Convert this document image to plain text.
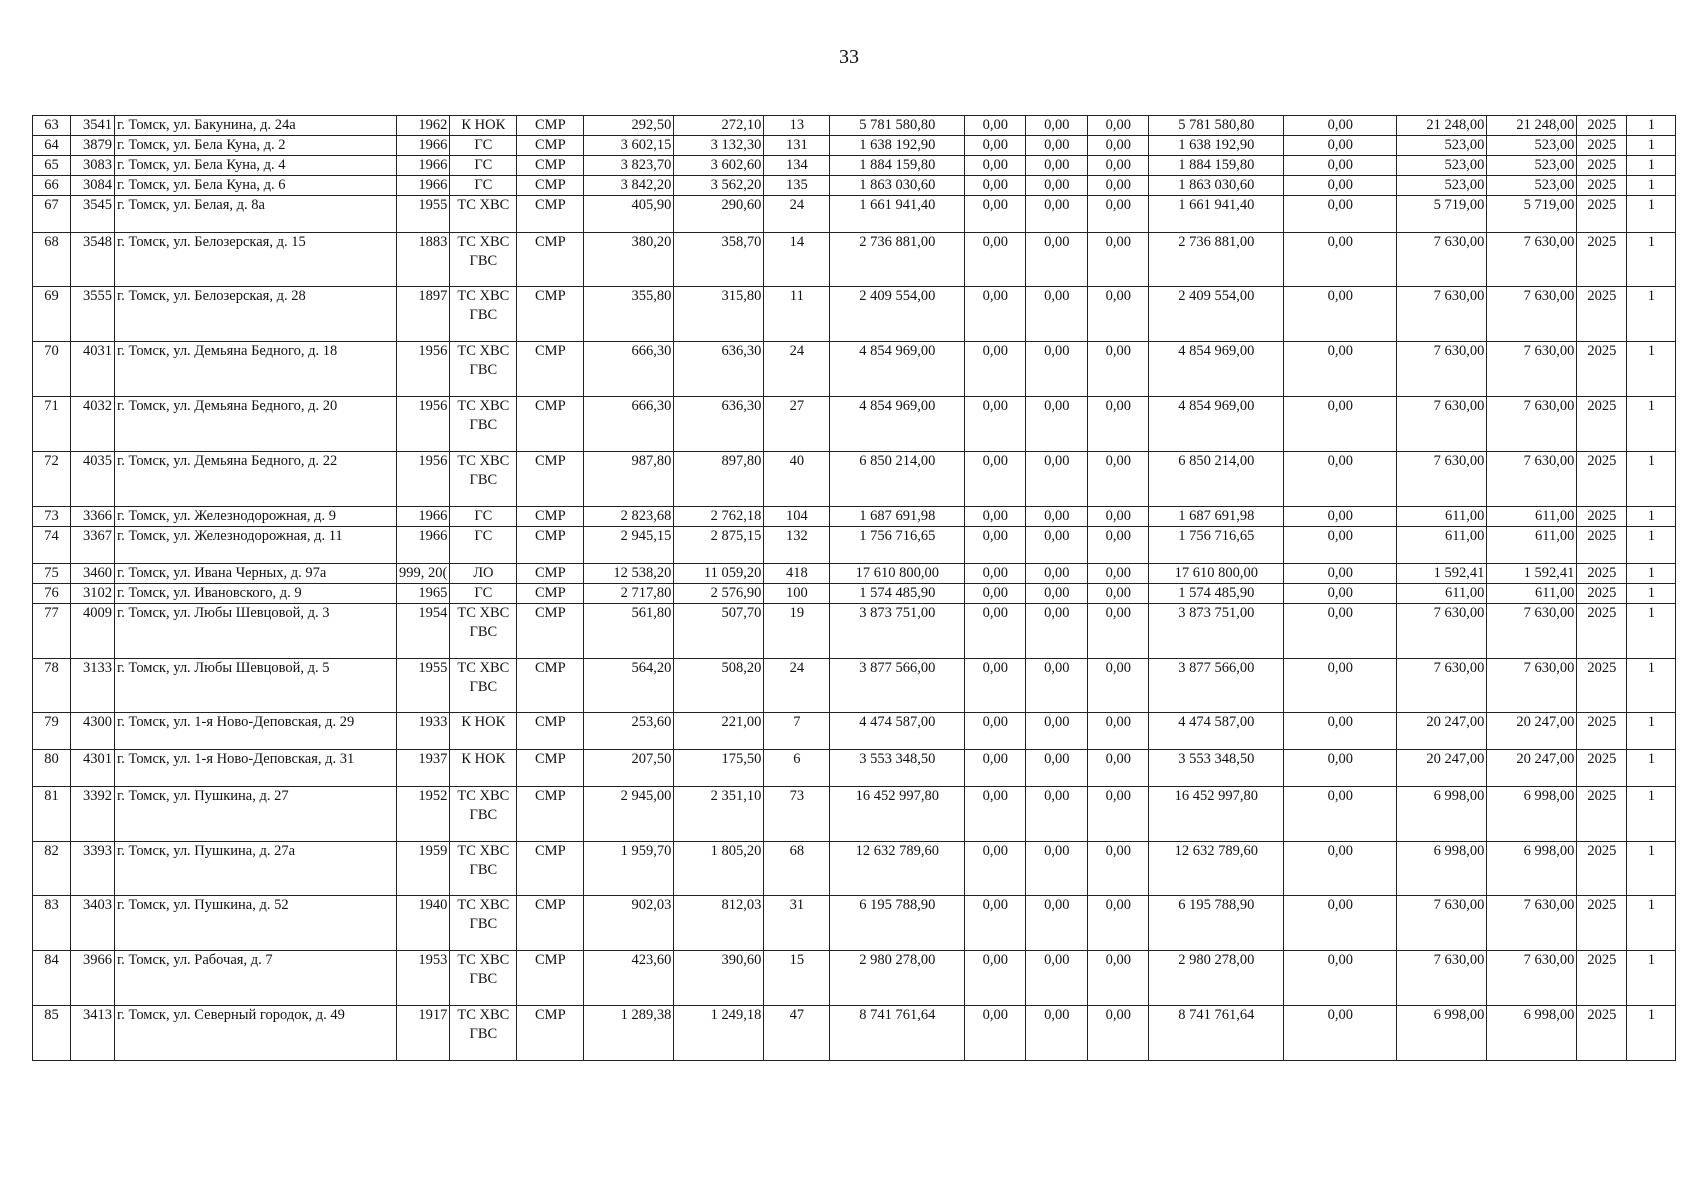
33
63	3541	г. Томск, ул. Бакунина, д. 24а	1962	К НОК	СМР	292,50	272,10	13	5 781 580,80	0,00	0,00	0,00	5 781 580,80	0,00	21 248,00	21 248,00	2025	1
64	3879	г. Томск, ул. Бела Куна, д. 2	1966	ГС	СМР	3 602,15	3 132,30	131	1 638 192,90	0,00	0,00	0,00	1 638 192,90	0,00	523,00	523,00	2025	1
65	3083	г. Томск, ул. Бела Куна, д. 4	1966	ГС	СМР	3 823,70	3 602,60	134	1 884 159,80	0,00	0,00	0,00	1 884 159,80	0,00	523,00	523,00	2025	1
66	3084	г. Томск, ул. Бела Куна, д. 6	1966	ГС	СМР	3 842,20	3 562,20	135	1 863 030,60	0,00	0,00	0,00	1 863 030,60	0,00	523,00	523,00	2025	1
67	3545	г. Томск, ул. Белая, д. 8а	1955	ТС ХВС	СМР	405,90	290,60	24	1 661 941,40	0,00	0,00	0,00	1 661 941,40	0,00	5 719,00	5 719,00	2025	1
68	3548	г. Томск, ул. Белозерская, д. 15	1883	ТС ХВС
ГВС	СМР	380,20	358,70	14	2 736 881,00	0,00	0,00	0,00	2 736 881,00	0,00	7 630,00	7 630,00	2025	1
69	3555	г. Томск, ул. Белозерская, д. 28	1897	ТС ХВС
ГВС	СМР	355,80	315,80	11	2 409 554,00	0,00	0,00	0,00	2 409 554,00	0,00	7 630,00	7 630,00	2025	1
70	4031	г. Томск, ул. Демьяна Бедного, д. 18	1956	ТС ХВС
ГВС	СМР	666,30	636,30	24	4 854 969,00	0,00	0,00	0,00	4 854 969,00	0,00	7 630,00	7 630,00	2025	1
71	4032	г. Томск, ул. Демьяна Бедного, д. 20	1956	ТС ХВС
ГВС	СМР	666,30	636,30	27	4 854 969,00	0,00	0,00	0,00	4 854 969,00	0,00	7 630,00	7 630,00	2025	1
72	4035	г. Томск, ул. Демьяна Бедного, д. 22	1956	ТС ХВС
ГВС	СМР	987,80	897,80	40	6 850 214,00	0,00	0,00	0,00	6 850 214,00	0,00	7 630,00	7 630,00	2025	1
73	3366	г. Томск, ул. Железнодорожная, д. 9	1966	ГС	СМР	2 823,68	2 762,18	104	1 687 691,98	0,00	0,00	0,00	1 687 691,98	0,00	611,00	611,00	2025	1
74	3367	г. Томск, ул. Железнодорожная, д. 11	1966	ГС	СМР	2 945,15	2 875,15	132	1 756 716,65	0,00	0,00	0,00	1 756 716,65	0,00	611,00	611,00	2025	1
75	3460	г. Томск, ул. Ивана Черных, д. 97а	999, 20(	ЛО	СМР	12 538,20	11 059,20	418	17 610 800,00	0,00	0,00	0,00	17 610 800,00	0,00	1 592,41	1 592,41	2025	1
76	3102	г. Томск, ул. Ивановского, д. 9	1965	ГС	СМР	2 717,80	2 576,90	100	1 574 485,90	0,00	0,00	0,00	1 574 485,90	0,00	611,00	611,00	2025	1
77	4009	г. Томск, ул. Любы Шевцовой, д. 3	1954	ТС ХВС
ГВС	СМР	561,80	507,70	19	3 873 751,00	0,00	0,00	0,00	3 873 751,00	0,00	7 630,00	7 630,00	2025	1
78	3133	г. Томск, ул. Любы Шевцовой, д. 5	1955	ТС ХВС
ГВС	СМР	564,20	508,20	24	3 877 566,00	0,00	0,00	0,00	3 877 566,00	0,00	7 630,00	7 630,00	2025	1
79	4300	г. Томск, ул. 1-я Ново-Деповская, д. 29	1933	К НОК	СМР	253,60	221,00	7	4 474 587,00	0,00	0,00	0,00	4 474 587,00	0,00	20 247,00	20 247,00	2025	1
80	4301	г. Томск, ул. 1-я Ново-Деповская, д. 31	1937	К НОК	СМР	207,50	175,50	6	3 553 348,50	0,00	0,00	0,00	3 553 348,50	0,00	20 247,00	20 247,00	2025	1
81	3392	г. Томск, ул. Пушкина, д. 27	1952	ТС ХВС
ГВС	СМР	2 945,00	2 351,10	73	16 452 997,80	0,00	0,00	0,00	16 452 997,80	0,00	6 998,00	6 998,00	2025	1
82	3393	г. Томск, ул. Пушкина, д. 27а	1959	ТС ХВС
ГВС	СМР	1 959,70	1 805,20	68	12 632 789,60	0,00	0,00	0,00	12 632 789,60	0,00	6 998,00	6 998,00	2025	1
83	3403	г. Томск, ул. Пушкина, д. 52	1940	ТС ХВС
ГВС	СМР	902,03	812,03	31	6 195 788,90	0,00	0,00	0,00	6 195 788,90	0,00	7 630,00	7 630,00	2025	1
84	3966	г. Томск, ул. Рабочая, д. 7	1953	ТС ХВС
ГВС	СМР	423,60	390,60	15	2 980 278,00	0,00	0,00	0,00	2 980 278,00	0,00	7 630,00	7 630,00	2025	1
85	3413	г. Томск, ул. Северный городок, д. 49	1917	ТС ХВС
ГВС	СМР	1 289,38	1 249,18	47	8 741 761,64	0,00	0,00	0,00	8 741 761,64	0,00	6 998,00	6 998,00	2025	1
